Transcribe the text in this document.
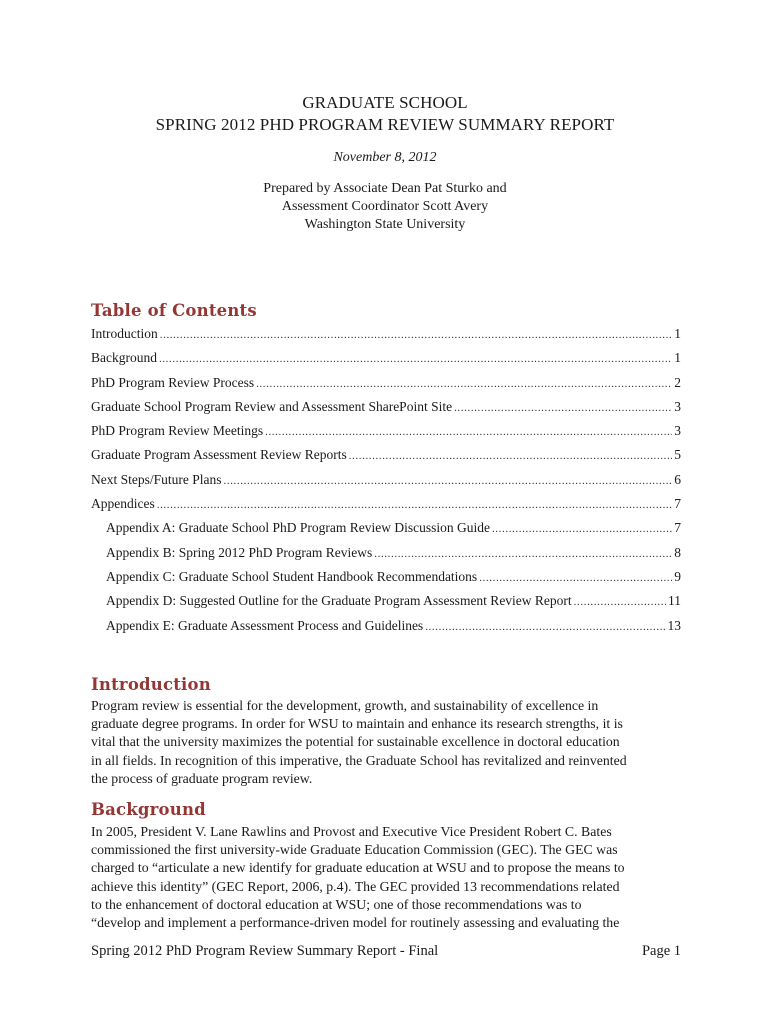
GRADUATE SCHOOL
SPRING 2012 PHD PROGRAM REVIEW SUMMARY REPORT
November 8, 2012
Prepared by Associate Dean Pat Sturko and
Assessment Coordinator Scott Avery
Washington State University
Table of Contents
Introduction .....	1
Background .....	1
PhD Program Review Process .....	2
Graduate School Program Review and Assessment SharePoint Site .....	3
PhD Program Review Meetings .....	3
Graduate Program Assessment Review Reports .....	5
Next Steps/Future Plans .....	6
Appendices .....	7
Appendix A: Graduate School PhD Program Review Discussion Guide .....	7
Appendix B: Spring 2012 PhD Program Reviews .....	8
Appendix C: Graduate School Student Handbook Recommendations .....	9
Appendix D: Suggested Outline for the Graduate Program Assessment Review Report .....	11
Appendix E: Graduate Assessment Process and Guidelines .....	13
Introduction
Program review is essential for the development, growth, and sustainability of excellence in
graduate degree programs. In order for WSU to maintain and enhance its research strengths, it is
vital that the university maximizes the potential for sustainable excellence in doctoral education
in all fields. In recognition of this imperative, the Graduate School has revitalized and reinvented
the process of graduate program review.
Background
In 2005, President V. Lane Rawlins and Provost and Executive Vice President Robert C. Bates
commissioned the first university-wide Graduate Education Commission (GEC). The GEC was
charged to “articulate a new identify for graduate education at WSU and to propose the means to
achieve this identity” (GEC Report, 2006, p.4). The GEC provided 13 recommendations related
to the enhancement of doctoral education at WSU; one of those recommendations was to
“develop and implement a performance-driven model for routinely assessing and evaluating the
Spring 2012 PhD Program Review Summary Report - Final	Page 1
